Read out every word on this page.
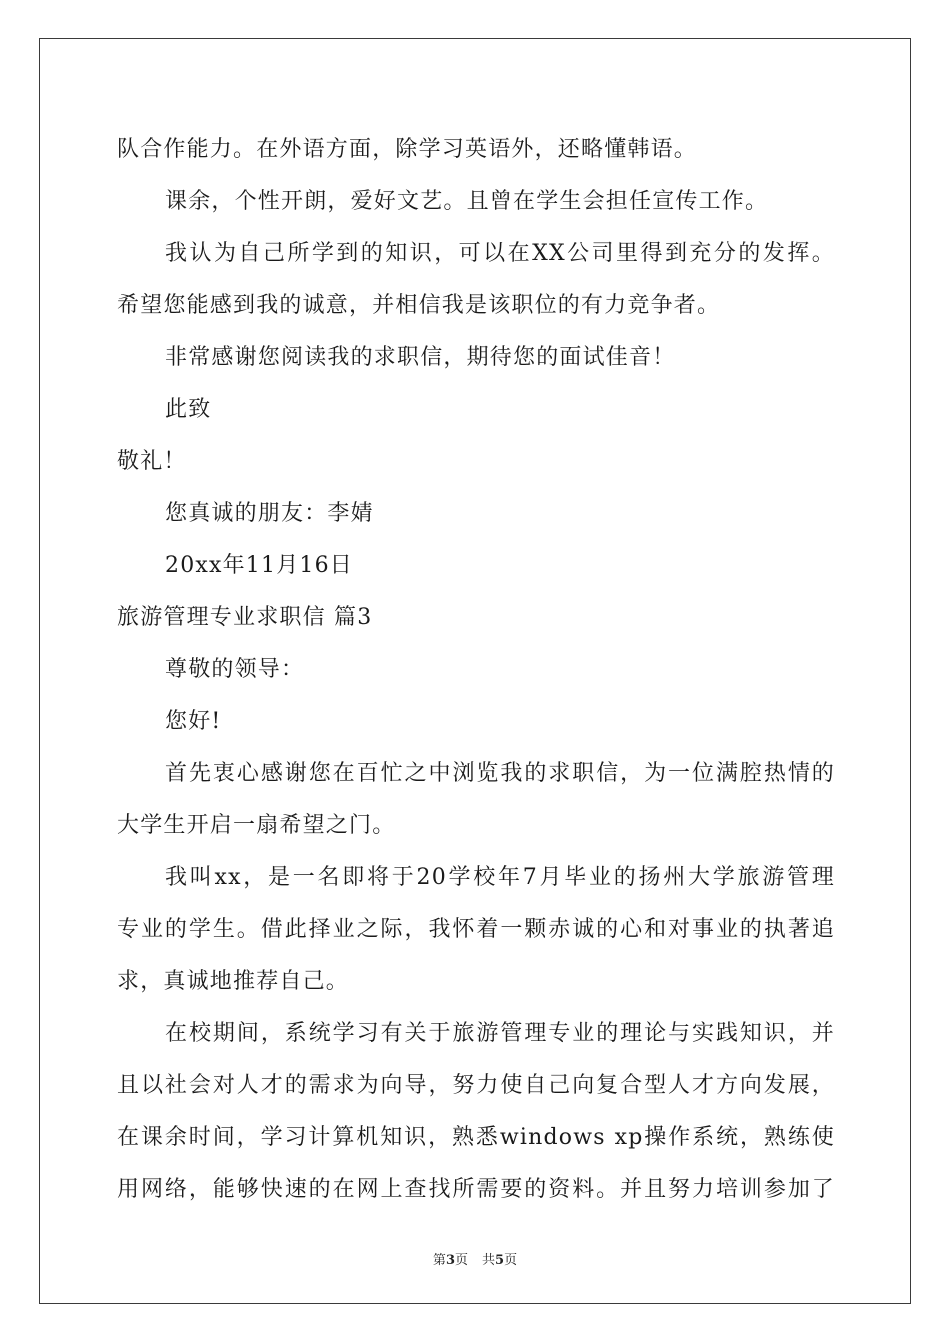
队合作能力。在外语方面，除学习英语外，还略懂韩语。
课余，个性开朗，爱好文艺。且曾在学生会担任宣传工作。
我认为自己所学到的知识，可以在XX公司里得到充分的发挥。
希望您能感到我的诚意，并相信我是该职位的有力竞争者。
非常感谢您阅读我的求职信，期待您的面试佳音！
此致
敬礼！
您真诚的朋友：李婧
20xx年11月16日
旅游管理专业求职信 篇3
尊敬的领导：
您好!
首先衷心感谢您在百忙之中浏览我的求职信，为一位满腔热情的
大学生开启一扇希望之门。
我叫xx，是一名即将于20学校年7月毕业的扬州大学旅游管理
专业的学生。借此择业之际，我怀着一颗赤诚的心和对事业的执著追
求，真诚地推荐自己。
在校期间，系统学习有关于旅游管理专业的理论与实践知识，并
且以社会对人才的需求为向导，努力使自己向复合型人才方向发展，
在课余时间，学习计算机知识，熟悉windows xp操作系统，熟练使
用网络，能够快速的在网上查找所需要的资料。并且努力培训参加了
第3页 共5页
